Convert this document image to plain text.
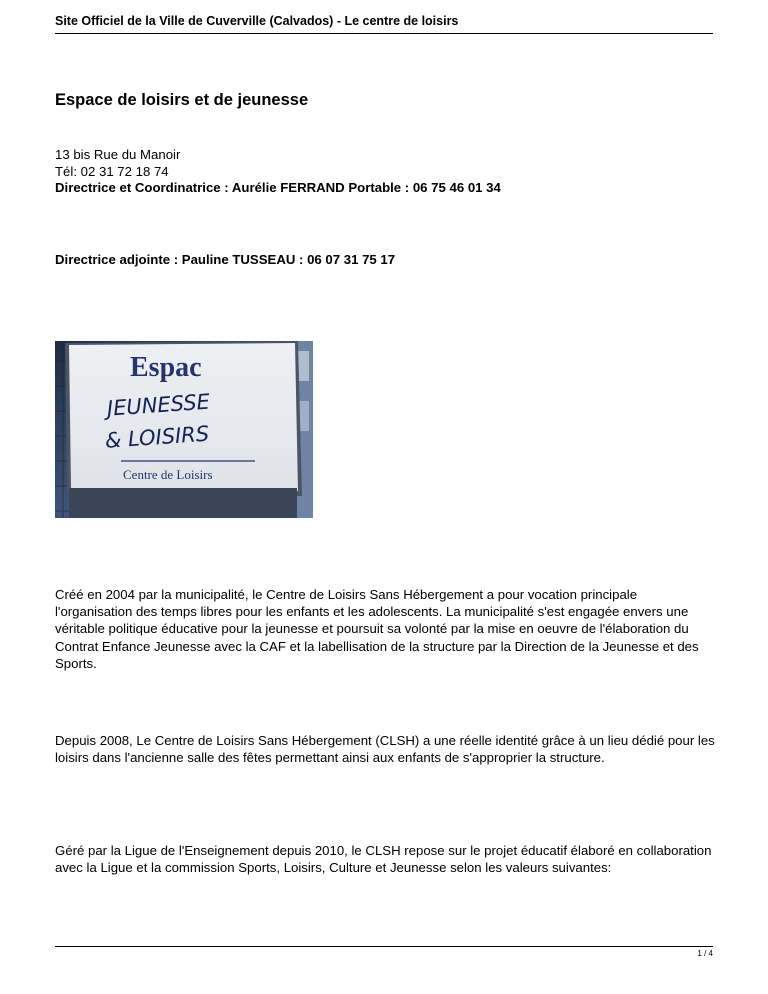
Site Officiel de la Ville de Cuverville (Calvados) - Le centre de loisirs
Espace de loisirs et de jeunesse
13 bis Rue du Manoir
Tél: 02 31 72 18 74
Directrice et Coordinatrice : Aurélie FERRAND Portable : 06 75 46 01 34
Directrice adjointe : Pauline TUSSEAU : 06 07 31 75 17
Espac
JEUNESSE
& LOISIRS
Centre de Loisirs

Créé en 2004 par la municipalité, le Centre de Loisirs Sans Hébergement a pour vocation principale l'organisation des temps libres pour les enfants et les adolescents. La municipalité s'est engagée envers une véritable politique éducative pour la jeunesse et poursuit sa volonté par la mise en oeuvre de l'élaboration du Contrat Enfance Jeunesse avec la CAF et la labellisation de la structure par la Direction de la Jeunesse et des Sports.

Depuis 2008, Le Centre de Loisirs Sans Hébergement (CLSH) a une réelle identité grâce à un lieu dédié pour les loisirs dans l'ancienne salle des fêtes permettant ainsi aux enfants de s'approprier la structure.

Géré par la Ligue de l'Enseignement depuis 2010, le CLSH repose sur le projet éducatif élaboré en collaboration avec la Ligue et la commission Sports, Loisirs, Culture et Jeunesse selon les valeurs suivantes:

1 / 4
